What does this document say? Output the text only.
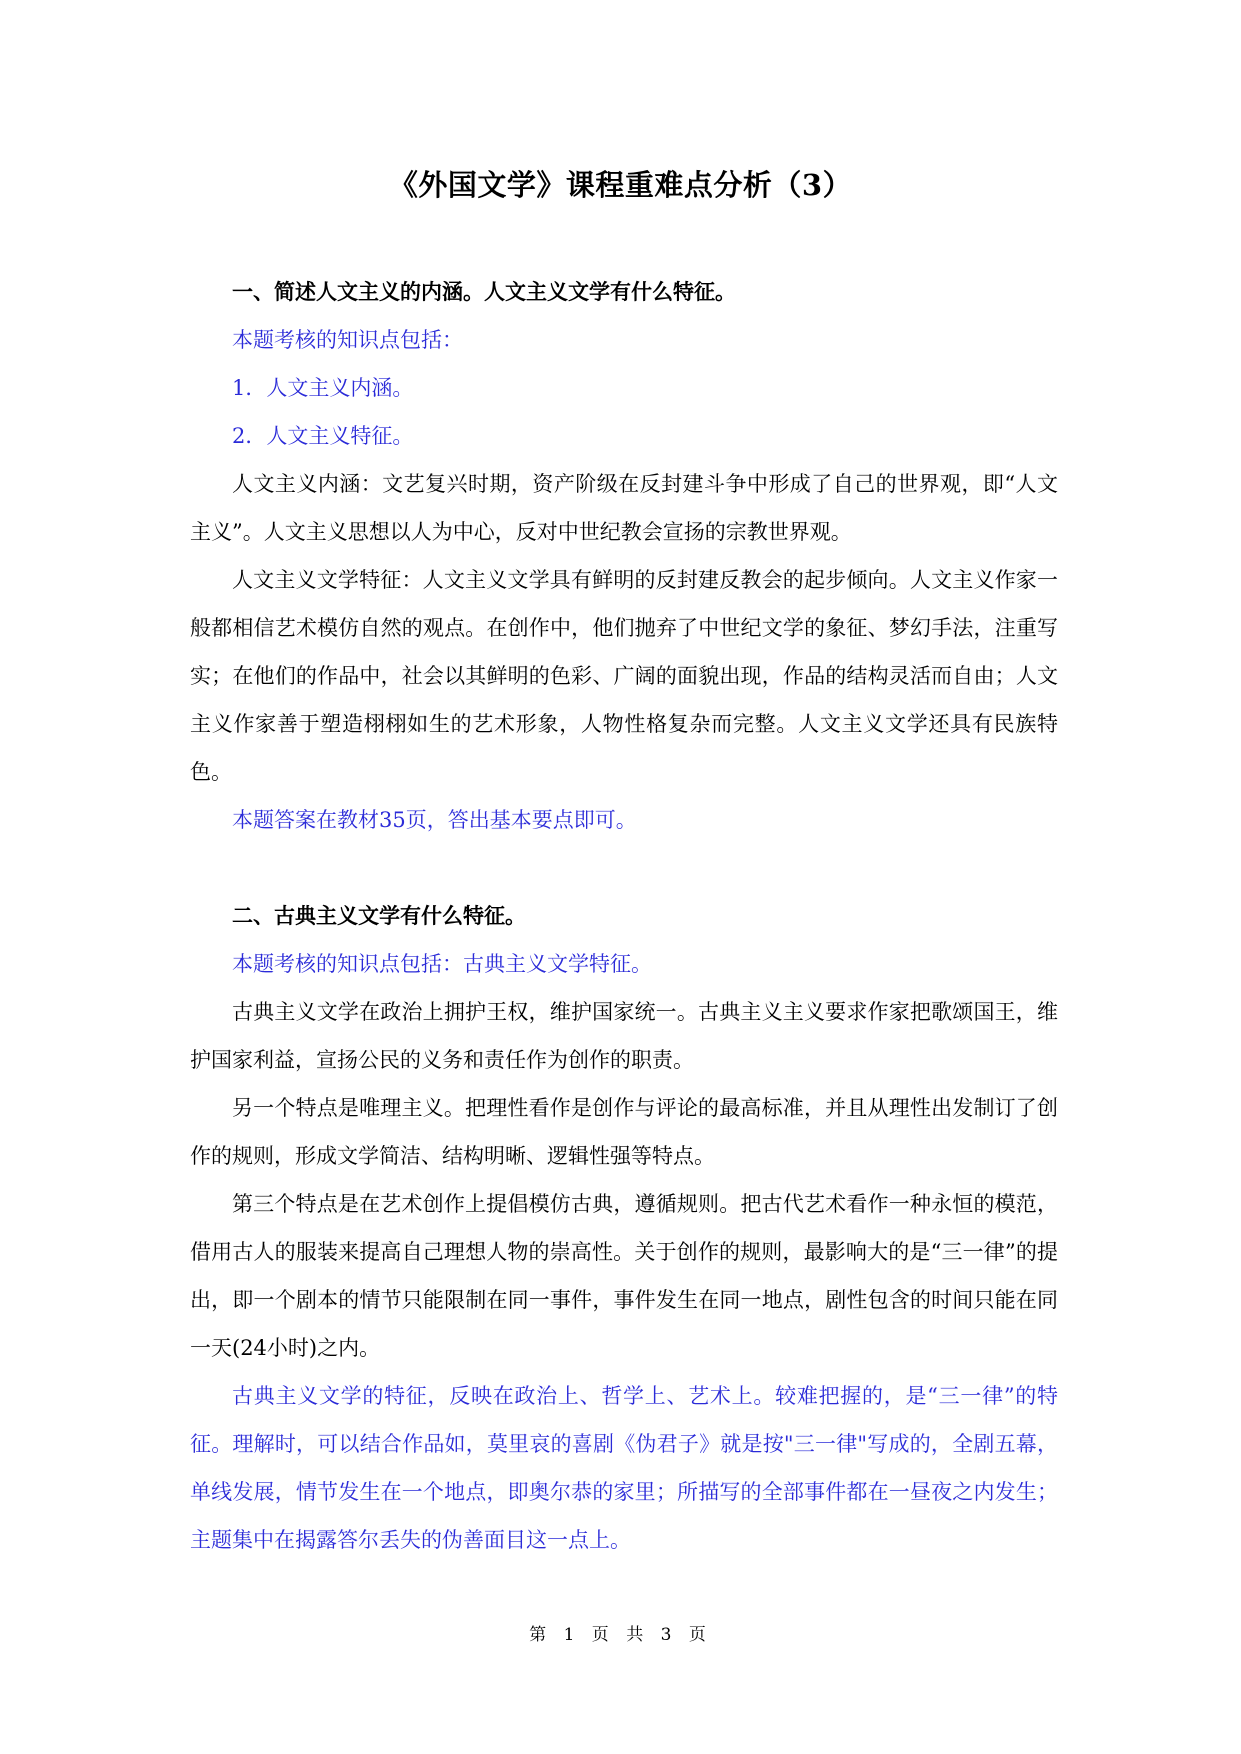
《外国文学》课程重难点分析（3）

一、简述人文主义的内涵。人文主义文学有什么特征。

本题考核的知识点包括：

1．人文主义内涵。

2．人文主义特征。

人文主义内涵：文艺复兴时期，资产阶级在反封建斗争中形成了自己的世界观，即“人文主义”。人文主义思想以人为中心，反对中世纪教会宣扬的宗教世界观。

人文主义文学特征：人文主义文学具有鲜明的反封建反教会的起步倾向。人文主义作家一般都相信艺术模仿自然的观点。在创作中，他们抛弃了中世纪文学的象征、梦幻手法，注重写实；在他们的作品中，社会以其鲜明的色彩、广阔的面貌出现，作品的结构灵活而自由；人文主义作家善于塑造栩栩如生的艺术形象，人物性格复杂而完整。人文主义文学还具有民族特色。

本题答案在教材35页，答出基本要点即可。

二、古典主义文学有什么特征。

本题考核的知识点包括：古典主义文学特征。

古典主义文学在政治上拥护王权，维护国家统一。古典主义主义要求作家把歌颂国王，维护国家利益，宣扬公民的义务和责任作为创作的职责。

另一个特点是唯理主义。把理性看作是创作与评论的最高标准，并且从理性出发制订了创作的规则，形成文学简洁、结构明晰、逻辑性强等特点。

第三个特点是在艺术创作上提倡模仿古典，遵循规则。把古代艺术看作一种永恒的模范，借用古人的服装来提高自己理想人物的崇高性。关于创作的规则，最影响大的是“三一律”的提出，即一个剧本的情节只能限制在同一事件，事件发生在同一地点，剧性包含的时间只能在同一天(24小时)之内。

古典主义文学的特征，反映在政治上、哲学上、艺术上。较难把握的，是“三一律”的特征。理解时，可以结合作品如，莫里哀的喜剧《伪君子》就是按"三一律"写成的，全剧五幕，单线发展，情节发生在一个地点，即奥尔恭的家里；所描写的全部事件都在一昼夜之内发生；主题集中在揭露答尔丢失的伪善面目这一点上。

第 1 页 共 3 页
